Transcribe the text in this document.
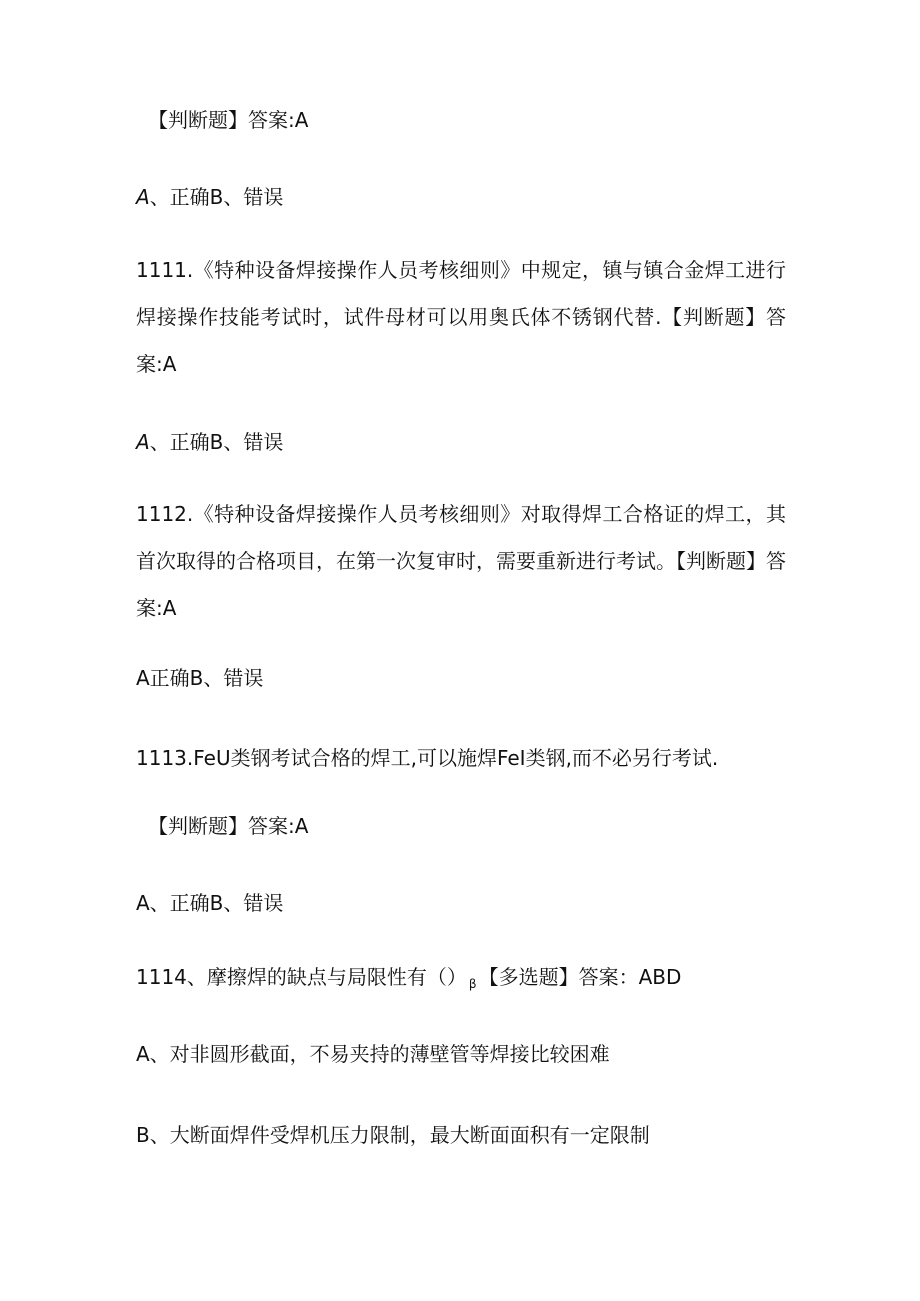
【判断题】答案:A

A、正确B、错误

1111.《特种设备焊接操作人员考核细则》中规定，镇与镇合金焊工进行焊接操作技能考试时，试件母材可以用奥氏体不锈钢代替.【判断题】答案:A

A、正确B、错误

1112.《特种设备焊接操作人员考核细则》对取得焊工合格证的焊工，其首次取得的合格项目，在第一次复审时，需要重新进行考试。【判断题】答案:A

A正确B、错误

1113.FeU类钢考试合格的焊工,可以施焊FeI类钢,而不必另行考试.

【判断题】答案:A

A、正确B、错误

1114、摩擦焊的缺点与局限性有（） $_\beta$ 【多选题】答案：ABD

A、对非圆形截面，不易夹持的薄壁管等焊接比较困难

B、大断面焊件受焊机压力限制，最大断面面积有一定限制
